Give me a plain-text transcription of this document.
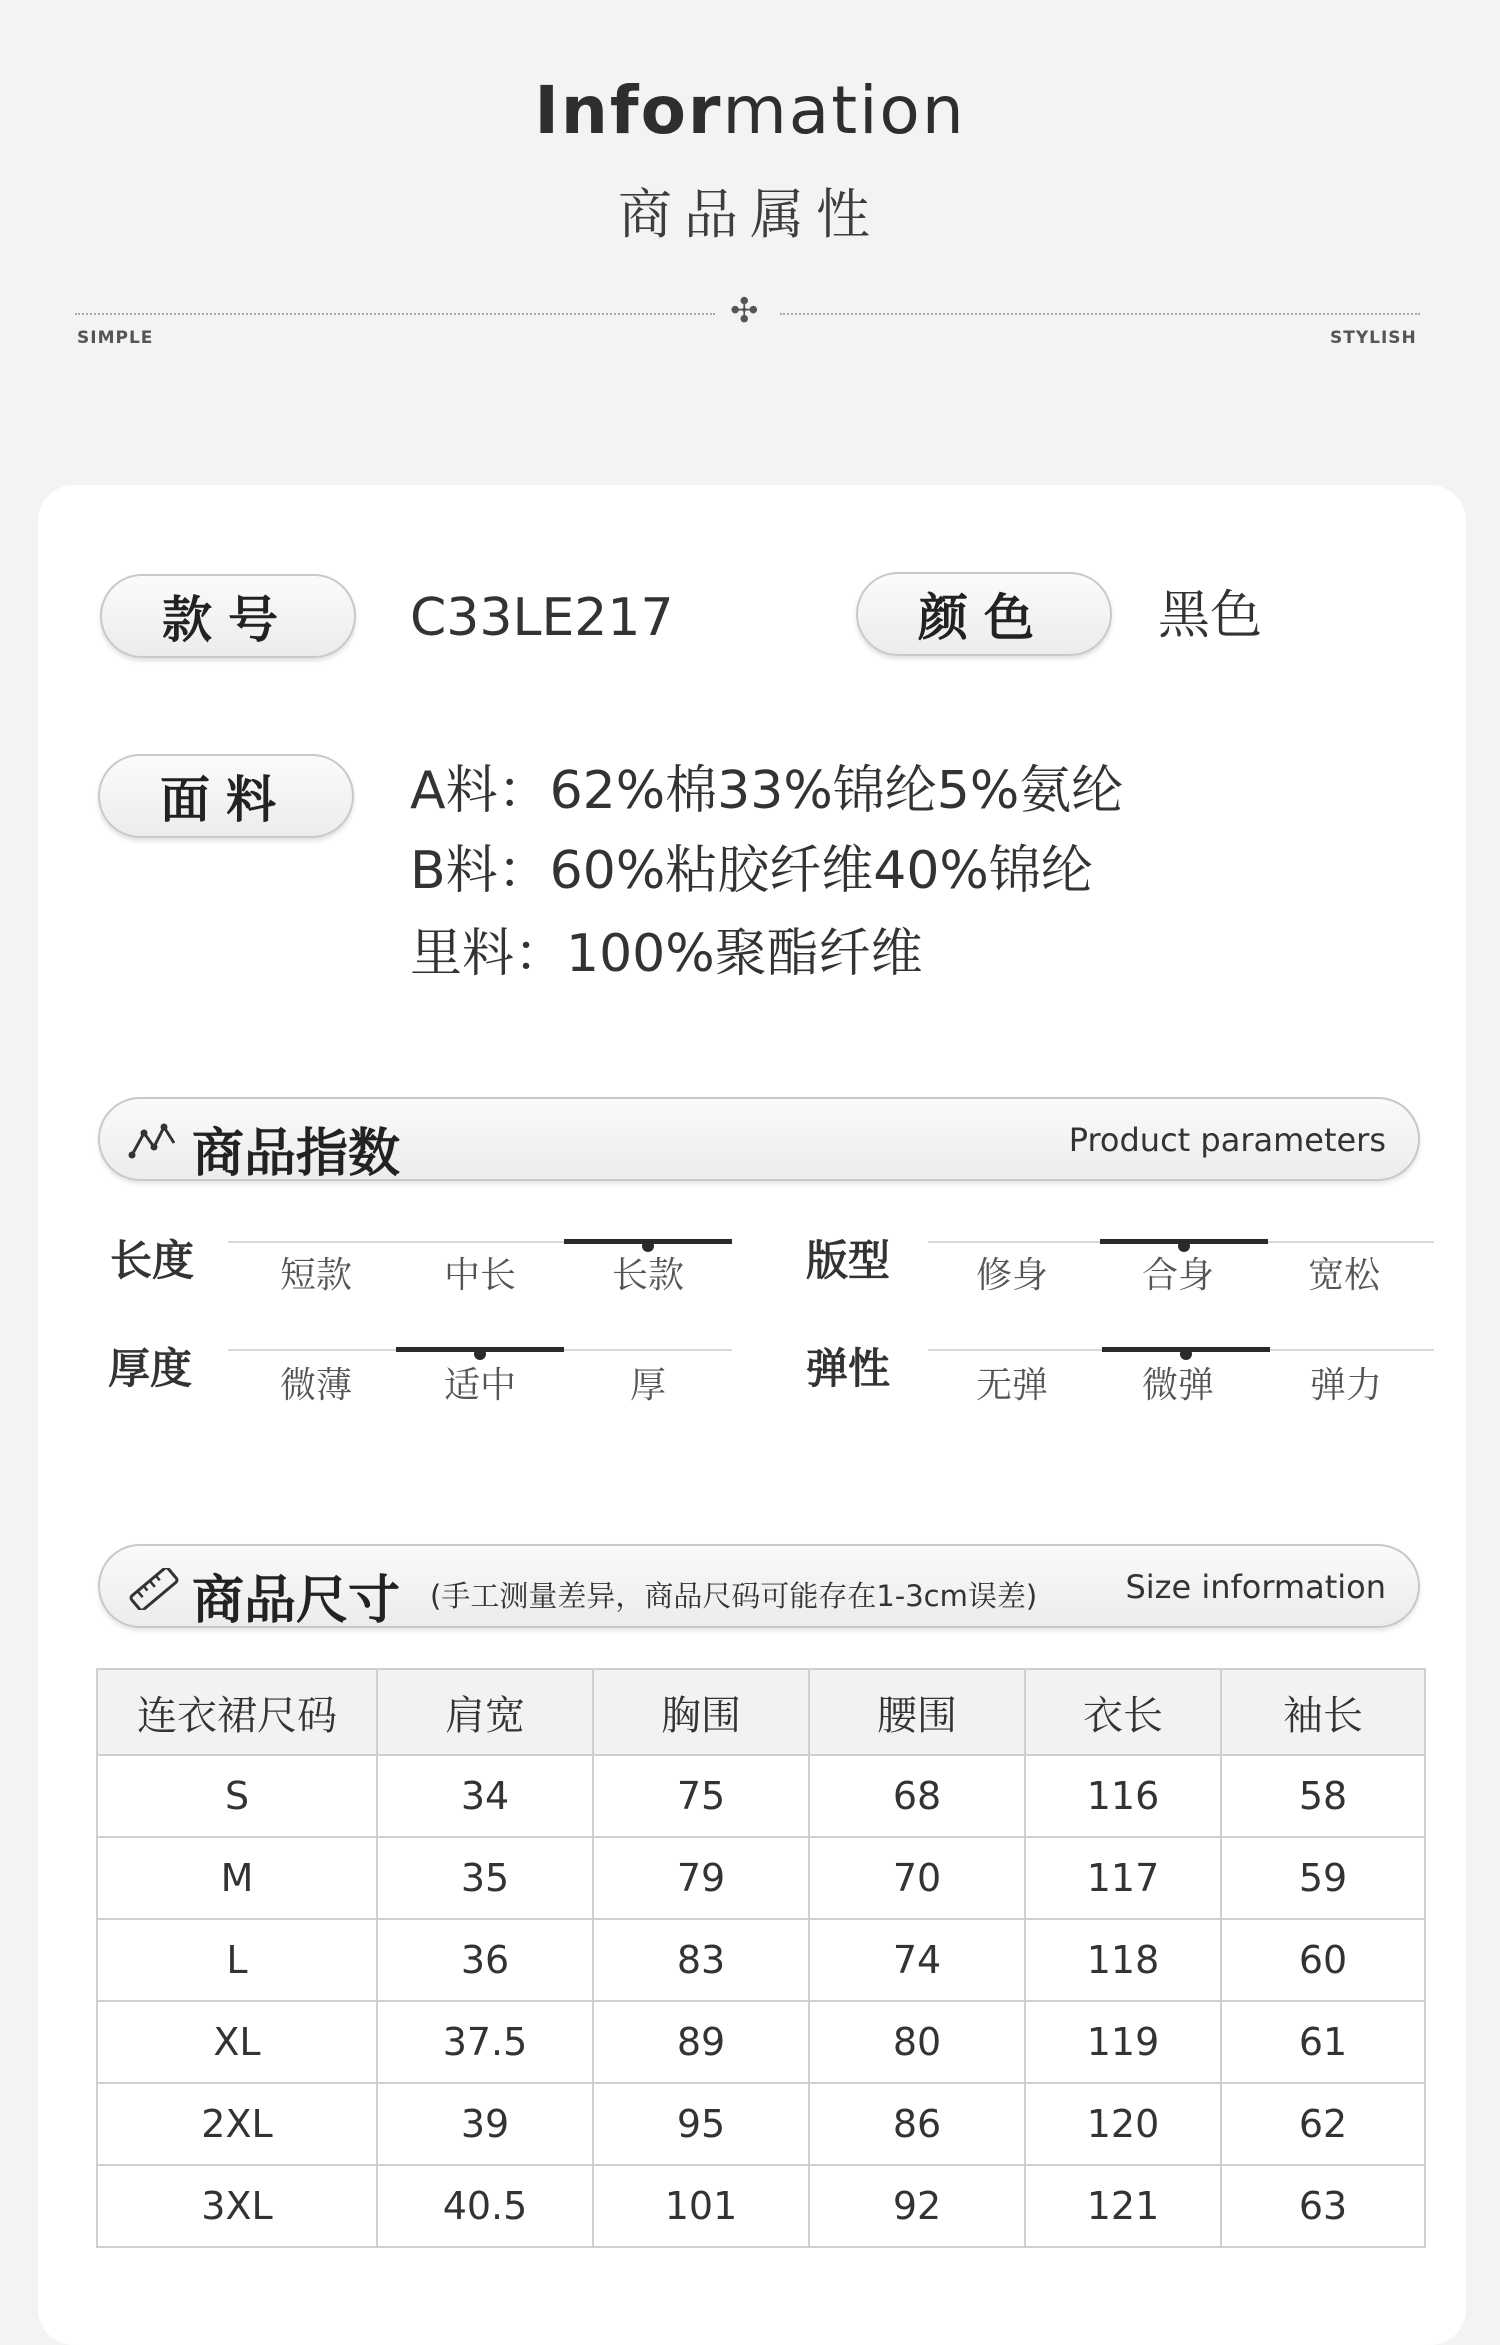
Information
商品属性
✣
SIMPLE	STYLISH
款号	C33LE217	颜色	黑色
面料	A料：62%棉33%锦纶5%氨纶
B料：60%粘胶纤维40%锦纶
里料：100%聚酯纤维
商品指数	Product parameters
长度	短款	中长	长款	版型	修身	合身	宽松
厚度	微薄	适中	厚	弹性	无弹	微弹	弹力
商品尺寸 (手工测量差异，商品尺码可能存在1-3cm误差)	Size information
连衣裙尺码	肩宽	胸围	腰围	衣长	袖长
S	34	75	68	116	58
M	35	79	70	117	59
L	36	83	74	118	60
XL	37.5	89	80	119	61
2XL	39	95	86	120	62
3XL	40.5	101	92	121	63
